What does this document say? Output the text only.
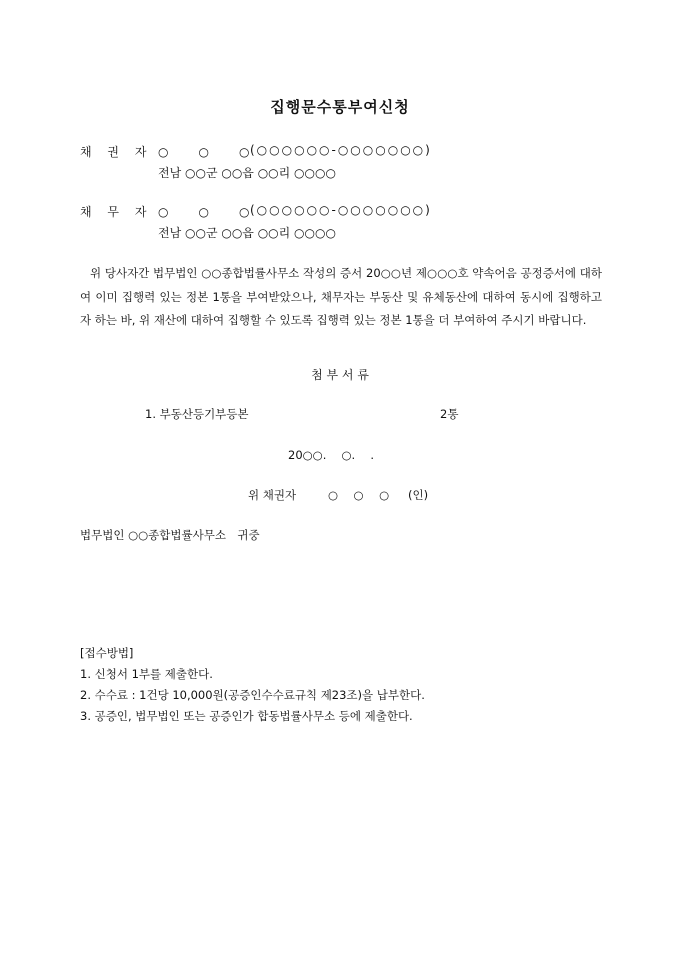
집행문수통부여신청
채 권 자 ○　　○　　○
(○○○○○○-○○○○○○○)
전남 ○○군 ○○읍 ○○리 ○○○○
채 무 자 ○　　○　　○
(○○○○○○-○○○○○○○)
전남 ○○군 ○○읍 ○○리 ○○○○

위 당사자간 법무법인 ○○종합법률사무소 작성의 증서 20○○년 제○○○호 약속어음 공정증서에 대하여 이미 집행력 있는 정본 1통을 부여받았으나, 채무자는 부동산 및 유체동산에 대하여 동시에 집행하고자 하는 바, 위 재산에 대하여 집행할 수 있도록 집행력 있는 정본 1통을 더 부여하여 주시기 바랍니다.

첨 부 서 류
1. 부동산등기부등본	2통
20○○.　 ○.　 .
위 채권자	○　○　○ (인)
법무법인 ○○종합법률사무소　귀중
[접수방법]
1. 신청서 1부를 제출한다.
2. 수수료 : 1건당 10,000원(공증인수수료규칙 제23조)을 납부한다.
3. 공증인, 법무법인 또는 공증인가 합동법률사무소 등에 제출한다.
